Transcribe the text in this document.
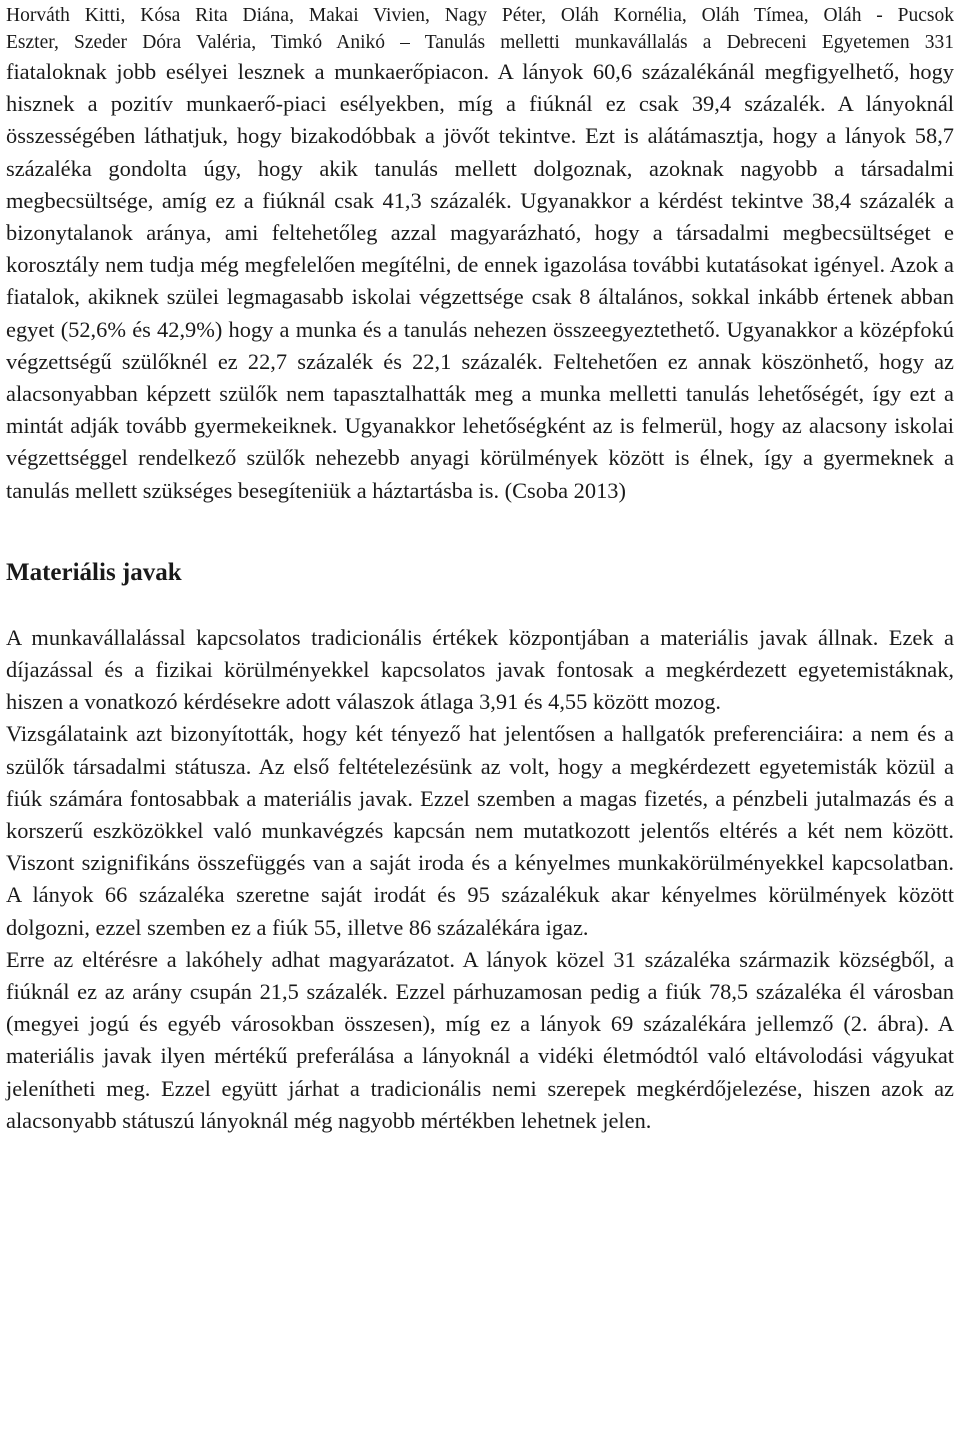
Horváth Kitti, Kósa Rita Diána, Makai Vivien, Nagy Péter, Oláh Kornélia, Oláh Tímea, Oláh - Pucsok
Eszter, Szeder Dóra Valéria, Timkó Anikó – Tanulás melletti munkavállalás a Debreceni Egyetemen 331

fiataloknak jobb esélyei lesznek a munkaerőpiacon. A lányok 60,6 százalékánál megfigyelhető, hogy hisznek a pozitív munkaerő-piaci esélyekben, míg a fiúknál ez csak 39,4 százalék. A lányoknál összességében láthatjuk, hogy bizakodóbbak a jövőt tekintve. Ezt is alátámasztja, hogy a lányok 58,7 százaléka gondolta úgy, hogy akik tanulás mellett dolgoznak, azoknak nagyobb a társadalmi megbecsültsége, amíg ez a fiúknál csak 41,3 százalék. Ugyanakkor a kérdést tekintve 38,4 százalék a bizonytalanok aránya, ami feltehetőleg azzal magyarázható, hogy a társadalmi megbecsültséget e korosztály nem tudja még megfelelően megítélni, de ennek igazolása további kutatásokat igényel. Azok a fiatalok, akiknek szülei legmagasabb iskolai végzettsége csak 8 általános, sokkal inkább értenek abban egyet (52,6% és 42,9%) hogy a munka és a tanulás nehezen összeegyeztethető. Ugyanakkor a középfokú végzettségű szülőknél ez 22,7 százalék és 22,1 százalék. Feltehetően ez annak köszönhető, hogy az alacsonyabban képzett szülők nem tapasztalhatták meg a munka melletti tanulás lehetőségét, így ezt a mintát adják tovább gyermekeiknek. Ugyanakkor lehetőségként az is felmerül, hogy az alacsony iskolai végzettséggel rendelkező szülők nehezebb anyagi körülmények között is élnek, így a gyermeknek a tanulás mellett szükséges besegíteniük a háztartásba is. (Csoba 2013)

Materiális javak

A munkavállalással kapcsolatos tradicionális értékek központjában a materiális javak állnak. Ezek a díjazással és a fizikai körülményekkel kapcsolatos javak fontosak a megkérdezett egyetemistáknak, hiszen a vonatkozó kérdésekre adott válaszok átlaga 3,91 és 4,55 között mozog.

Vizsgálataink azt bizonyították, hogy két tényező hat jelentősen a hallgatók preferenciáira: a nem és a szülők társadalmi státusza. Az első feltételezésünk az volt, hogy a megkérdezett egyetemisták közül a fiúk számára fontosabbak a materiális javak. Ezzel szemben a magas fizetés, a pénzbeli jutalmazás és a korszerű eszközökkel való munkavégzés kapcsán nem mutatkozott jelentős eltérés a két nem között. Viszont szignifikáns összefüggés van a saját iroda és a kényelmes munkakörülményekkel kapcsolatban. A lányok 66 százaléka szeretne saját irodát és 95 százalékuk akar kényelmes körülmények között dolgozni, ezzel szemben ez a fiúk 55, illetve 86 százalékára igaz.

Erre az eltérésre a lakóhely adhat magyarázatot. A lányok közel 31 százaléka származik községből, a fiúknál ez az arány csupán 21,5 százalék. Ezzel párhuzamosan pedig a fiúk 78,5 százaléka él városban (megyei jogú és egyéb városokban összesen), míg ez a lányok 69 százalékára jellemző (2. ábra). A materiális javak ilyen mértékű preferálása a lányoknál a vidéki életmódtól való eltávolodási vágyukat jelenítheti meg. Ezzel együtt járhat a tradicionális nemi szerepek megkérdőjelezése, hiszen azok az alacsonyabb státuszú lányoknál még nagyobb mértékben lehetnek jelen.
